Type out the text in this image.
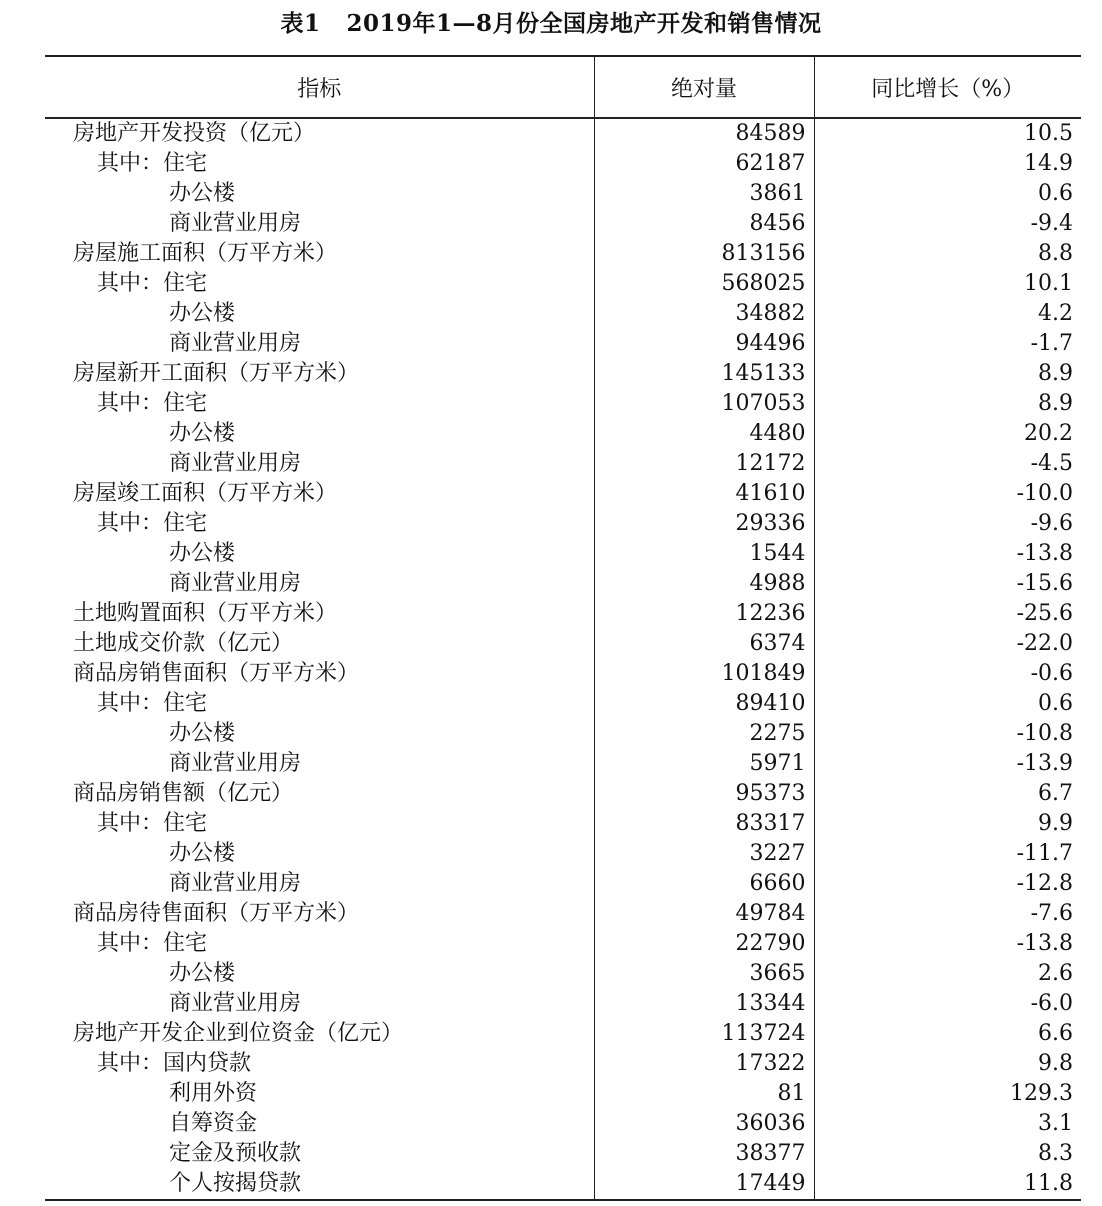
表1 2019年1—8月份全国房地产开发和销售情况
指标	绝对量	同比增长（%）
房地产开发投资（亿元）	84589	10.5
其中：住宅	62187	14.9
办公楼	3861	0.6
商业营业用房	8456	-9.4
房屋施工面积（万平方米）	813156	8.8
其中：住宅	568025	10.1
办公楼	34882	4.2
商业营业用房	94496	-1.7
房屋新开工面积（万平方米）	145133	8.9
其中：住宅	107053	8.9
办公楼	4480	20.2
商业营业用房	12172	-4.5
房屋竣工面积（万平方米）	41610	-10.0
其中：住宅	29336	-9.6
办公楼	1544	-13.8
商业营业用房	4988	-15.6
土地购置面积（万平方米）	12236	-25.6
土地成交价款（亿元）	6374	-22.0
商品房销售面积（万平方米）	101849	-0.6
其中：住宅	89410	0.6
办公楼	2275	-10.8
商业营业用房	5971	-13.9
商品房销售额（亿元）	95373	6.7
其中：住宅	83317	9.9
办公楼	3227	-11.7
商业营业用房	6660	-12.8
商品房待售面积（万平方米）	49784	-7.6
其中：住宅	22790	-13.8
办公楼	3665	2.6
商业营业用房	13344	-6.0
房地产开发企业到位资金（亿元）	113724	6.6
其中：国内贷款	17322	9.8
利用外资	81	129.3
自筹资金	36036	3.1
定金及预收款	38377	8.3
个人按揭贷款	17449	11.8
